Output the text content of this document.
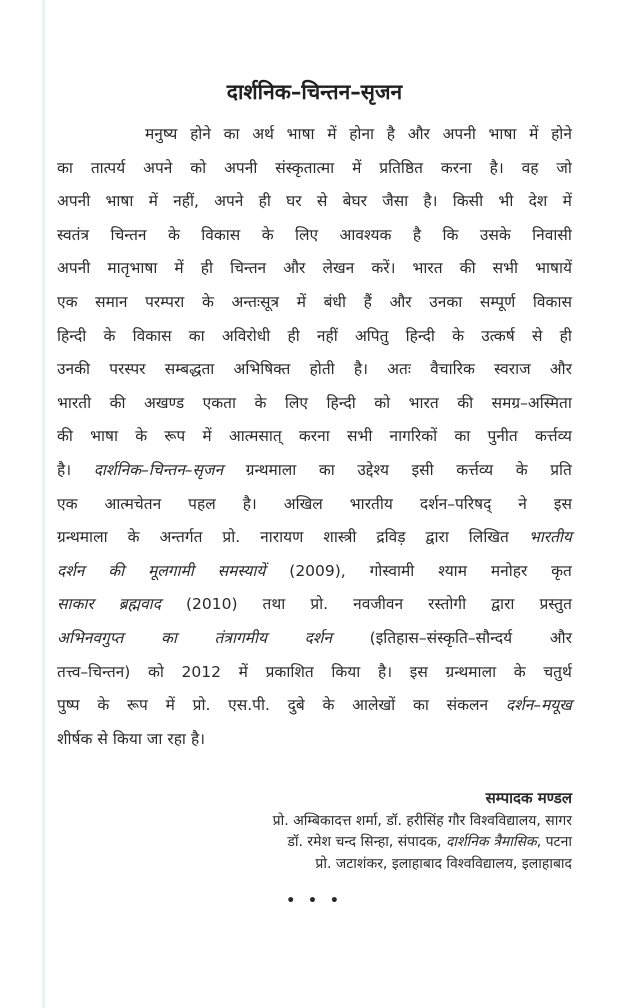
दार्शनिक–चिन्तन–सृजन
मनुष्य होने का अर्थ भाषा में होना है और अपनी भाषा में होने
का तात्पर्य अपने को अपनी संस्कृतात्मा में प्रतिष्ठित करना है। वह जो
अपनी भाषा में नहीं, अपने ही घर से बेघर जैसा है। किसी भी देश में
स्वतंत्र चिन्तन के विकास के लिए आवश्यक है कि उसके निवासी
अपनी मातृभाषा में ही चिन्तन और लेखन करें। भारत की सभी भाषायें
एक समान परम्परा के अन्तःसूत्र में बंधी हैं और उनका सम्पूर्ण विकास
हिन्दी के विकास का अविरोधी ही नहीं अपितु हिन्दी के उत्कर्ष से ही
उनकी परस्पर सम्बद्धता अभिषिक्त होती है। अतः वैचारिक स्वराज और
भारती की अखण्ड एकता के लिए हिन्दी को भारत की समग्र–अस्मिता
की भाषा के रूप में आत्मसात् करना सभी नागरिकों का पुनीत कर्त्तव्य
है। दार्शनिक–चिन्तन–सृजन ग्रन्थमाला का उद्देश्य इसी कर्त्तव्य के प्रति
एक आत्मचेतन पहल है। अखिल भारतीय दर्शन–परिषद् ने इस
ग्रन्थमाला के अन्तर्गत प्रो. नारायण शास्त्री द्रविड़ द्वारा लिखित भारतीय
दर्शन की मूलगामी समस्यायें (2009), गोस्वामी श्याम मनोहर कृत
साकार ब्रह्मवाद (2010) तथा प्रो. नवजीवन रस्तोगी द्वारा प्रस्तुत
अभिनवगुप्त का तंत्रागमीय दर्शन (इतिहास–संस्कृति–सौन्दर्य और
तत्त्व–चिन्तन) को 2012 में प्रकाशित किया है। इस ग्रन्थमाला के चतुर्थ
पुष्प के रूप में प्रो. एस.पी. दुबे के आलेखों का संकलन दर्शन–मयूख
शीर्षक से किया जा रहा है।
सम्पादक मण्डल
प्रो. अम्बिकादत्त शर्मा, डॉ. हरीसिंह गौर विश्वविद्यालय, सागर
डॉ. रमेश चन्द सिन्हा, संपादक, दार्शनिक त्रैमासिक, पटना
प्रो. जटाशंकर, इलाहाबाद विश्वविद्यालय, इलाहाबाद
• • •
